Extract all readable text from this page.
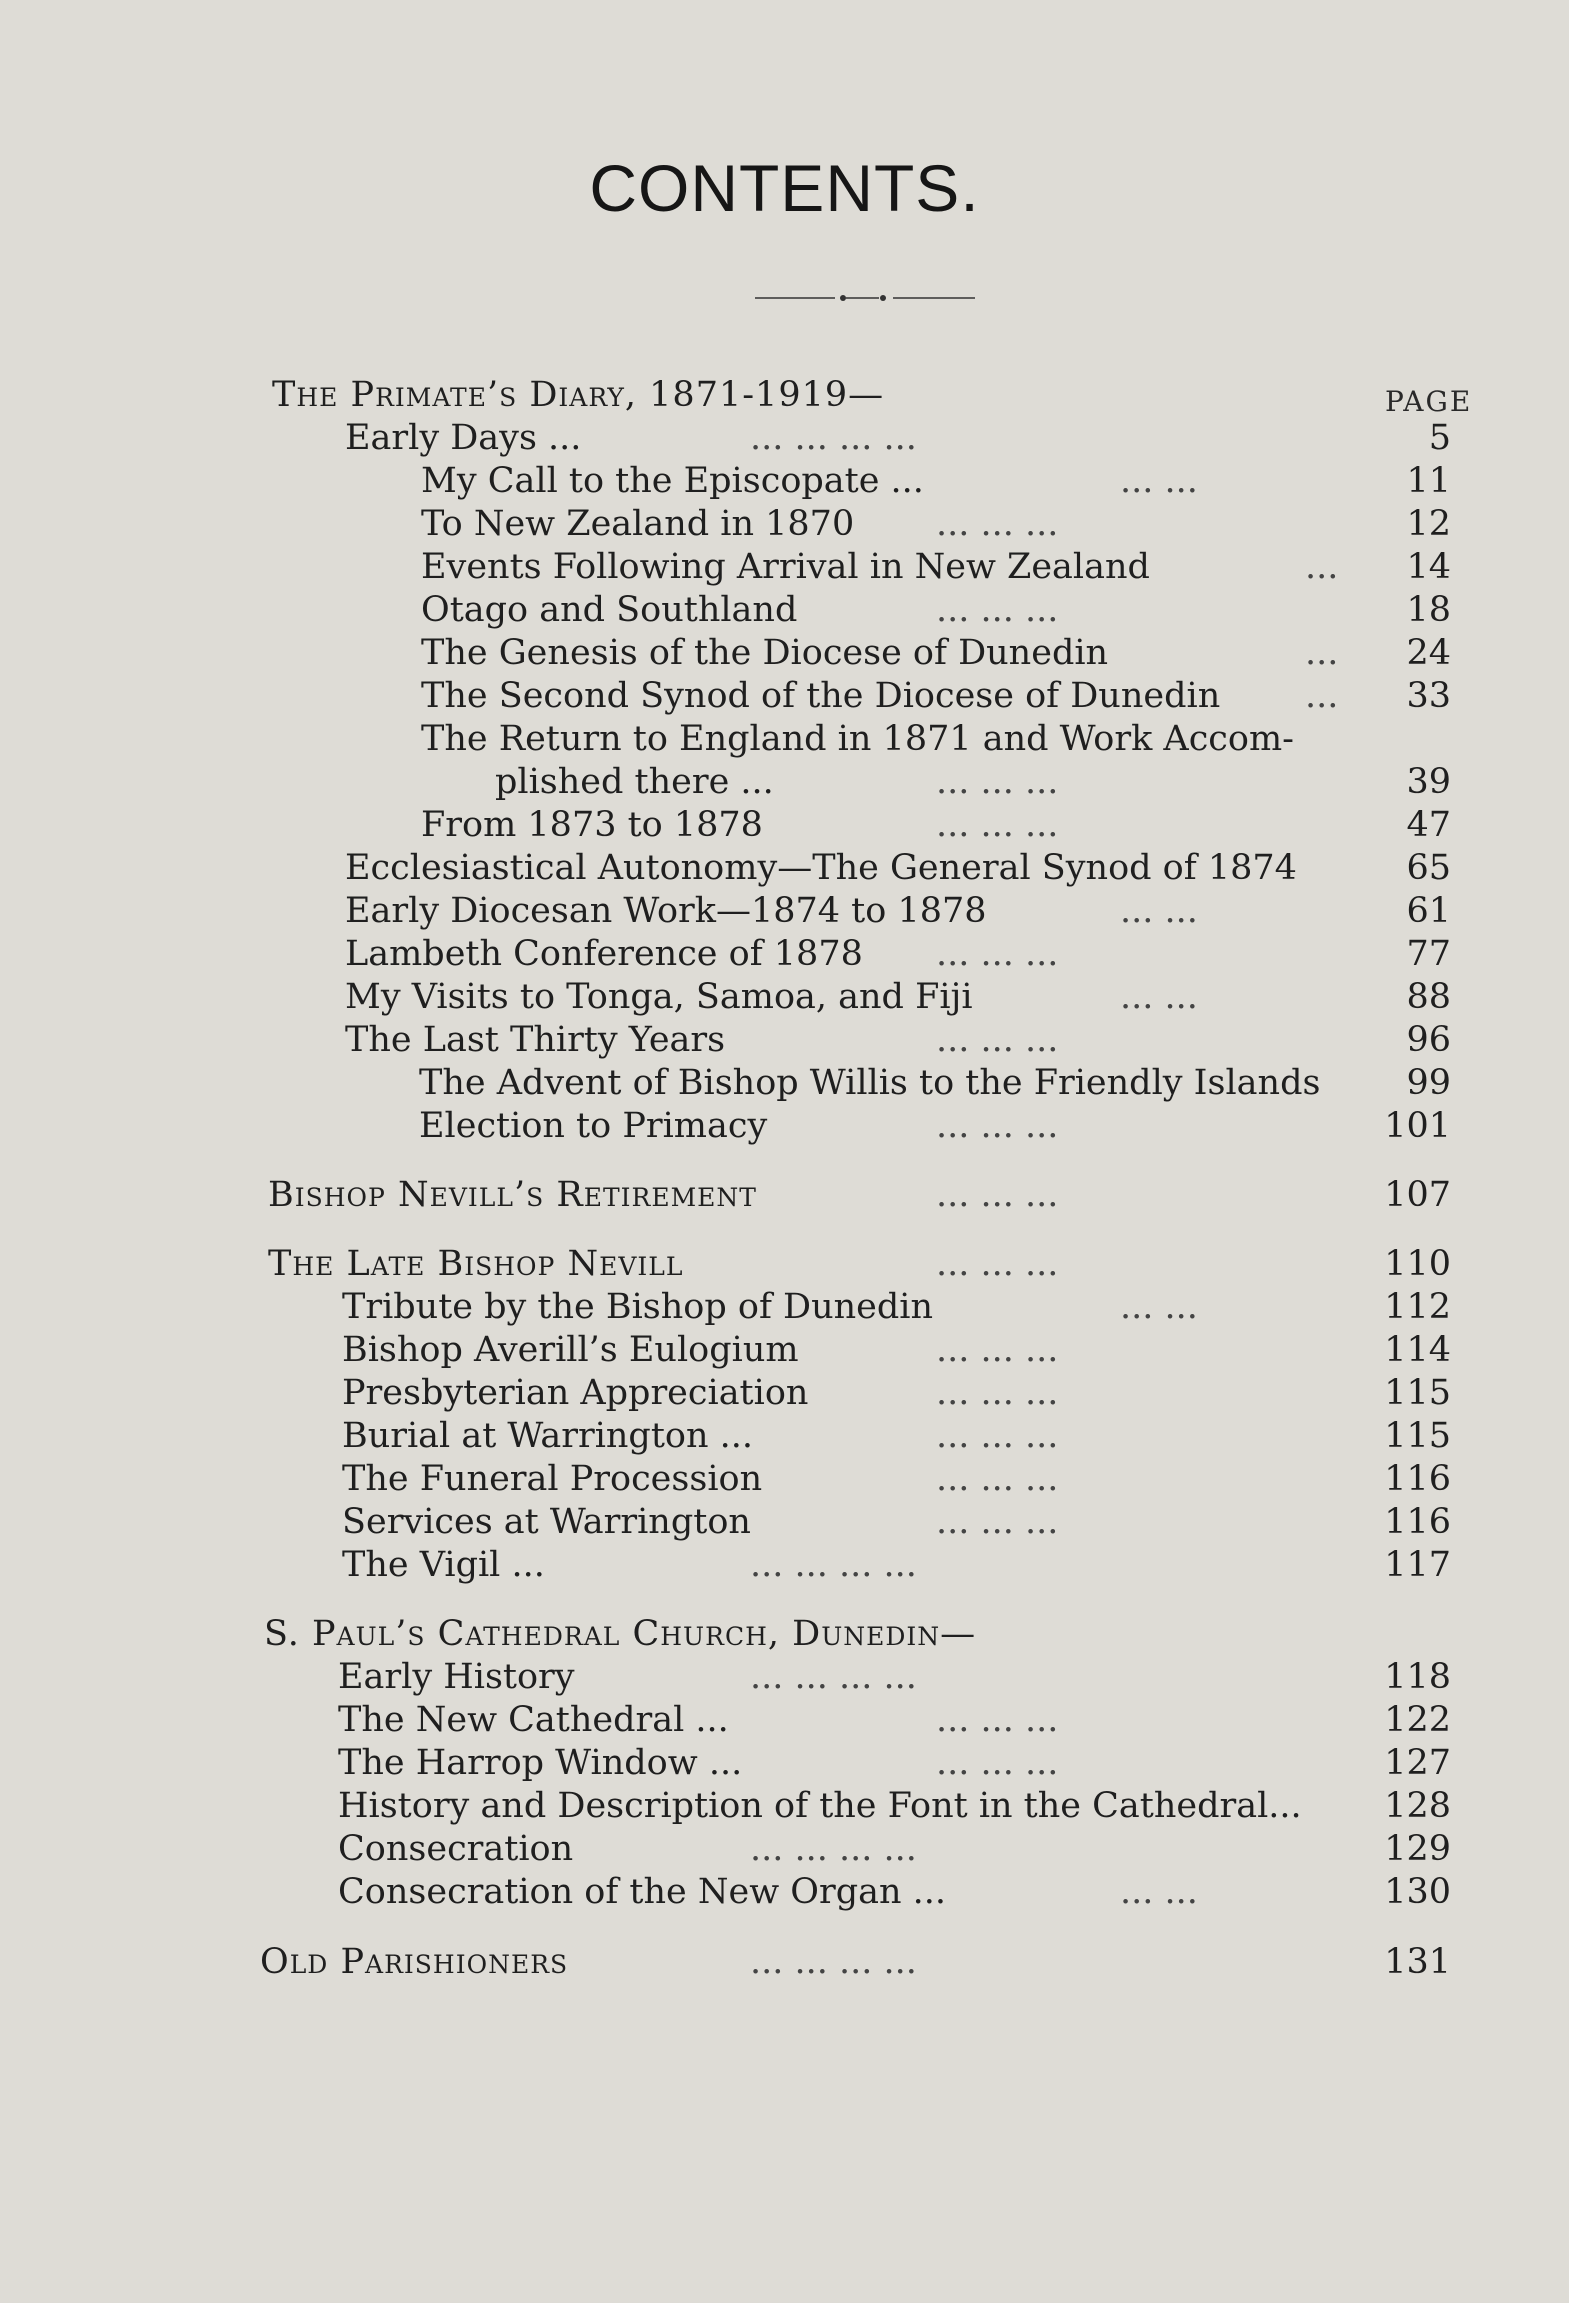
CONTENTS.
PAGE
The Primate’s Diary, 1871-1919—
Early Days ...	... ... ... ...	5
My Call to the Episcopate ...	... ...	11
To New Zealand in 1870 ... ... ...	12
Events Following Arrival in New Zealand	... 14
Otago and Southland	... ... ...	18
The Genesis of the Diocese of Dunedin	... 24
The Second Synod of the Diocese of Dunedin ... 33
The Return to England in 1871 and Work Accom-
plished there ...	... ... ...	39
From 1873 to 1878	... ... ...	47
Ecclesiastical Autonomy—The General Synod of 1874	65
Early Diocesan Work—1874 to 1878	... ...	61
Lambeth Conference of 1878 ... ... ...	77
My Visits to Tonga, Samoa, and Fiji	... ...	88
The Last Thirty Years	... ... ...	96
The Advent of Bishop Willis to the Friendly Islands 99
Election to Primacy	... ... ...	101
Bishop Nevill’s Retirement	... ... ...	107
The Late Bishop Nevill	... ... ...	110
Tribute by the Bishop of Dunedin	... ...	112
Bishop Averill’s Eulogium	... ... ...	114
Presbyterian Appreciation	... ... ...	115
Burial at Warrington ...	... ... ...	115
The Funeral Procession	... ... ...	116
Services at Warrington	... ... ...	116
The Vigil ...	... ... ... ...	117
S. Paul’s Cathedral Church, Dunedin—
Early History	... ... ... ...	118
The New Cathedral ...	... ... ...	122
The Harrop Window ...	... ... ...	127
History and Description of the Font in the Cathedral... 128
Consecration	... ... ... ...	129
Consecration of the New Organ ...	... ...	130
Old Parishioners	... ... ... ...	131
